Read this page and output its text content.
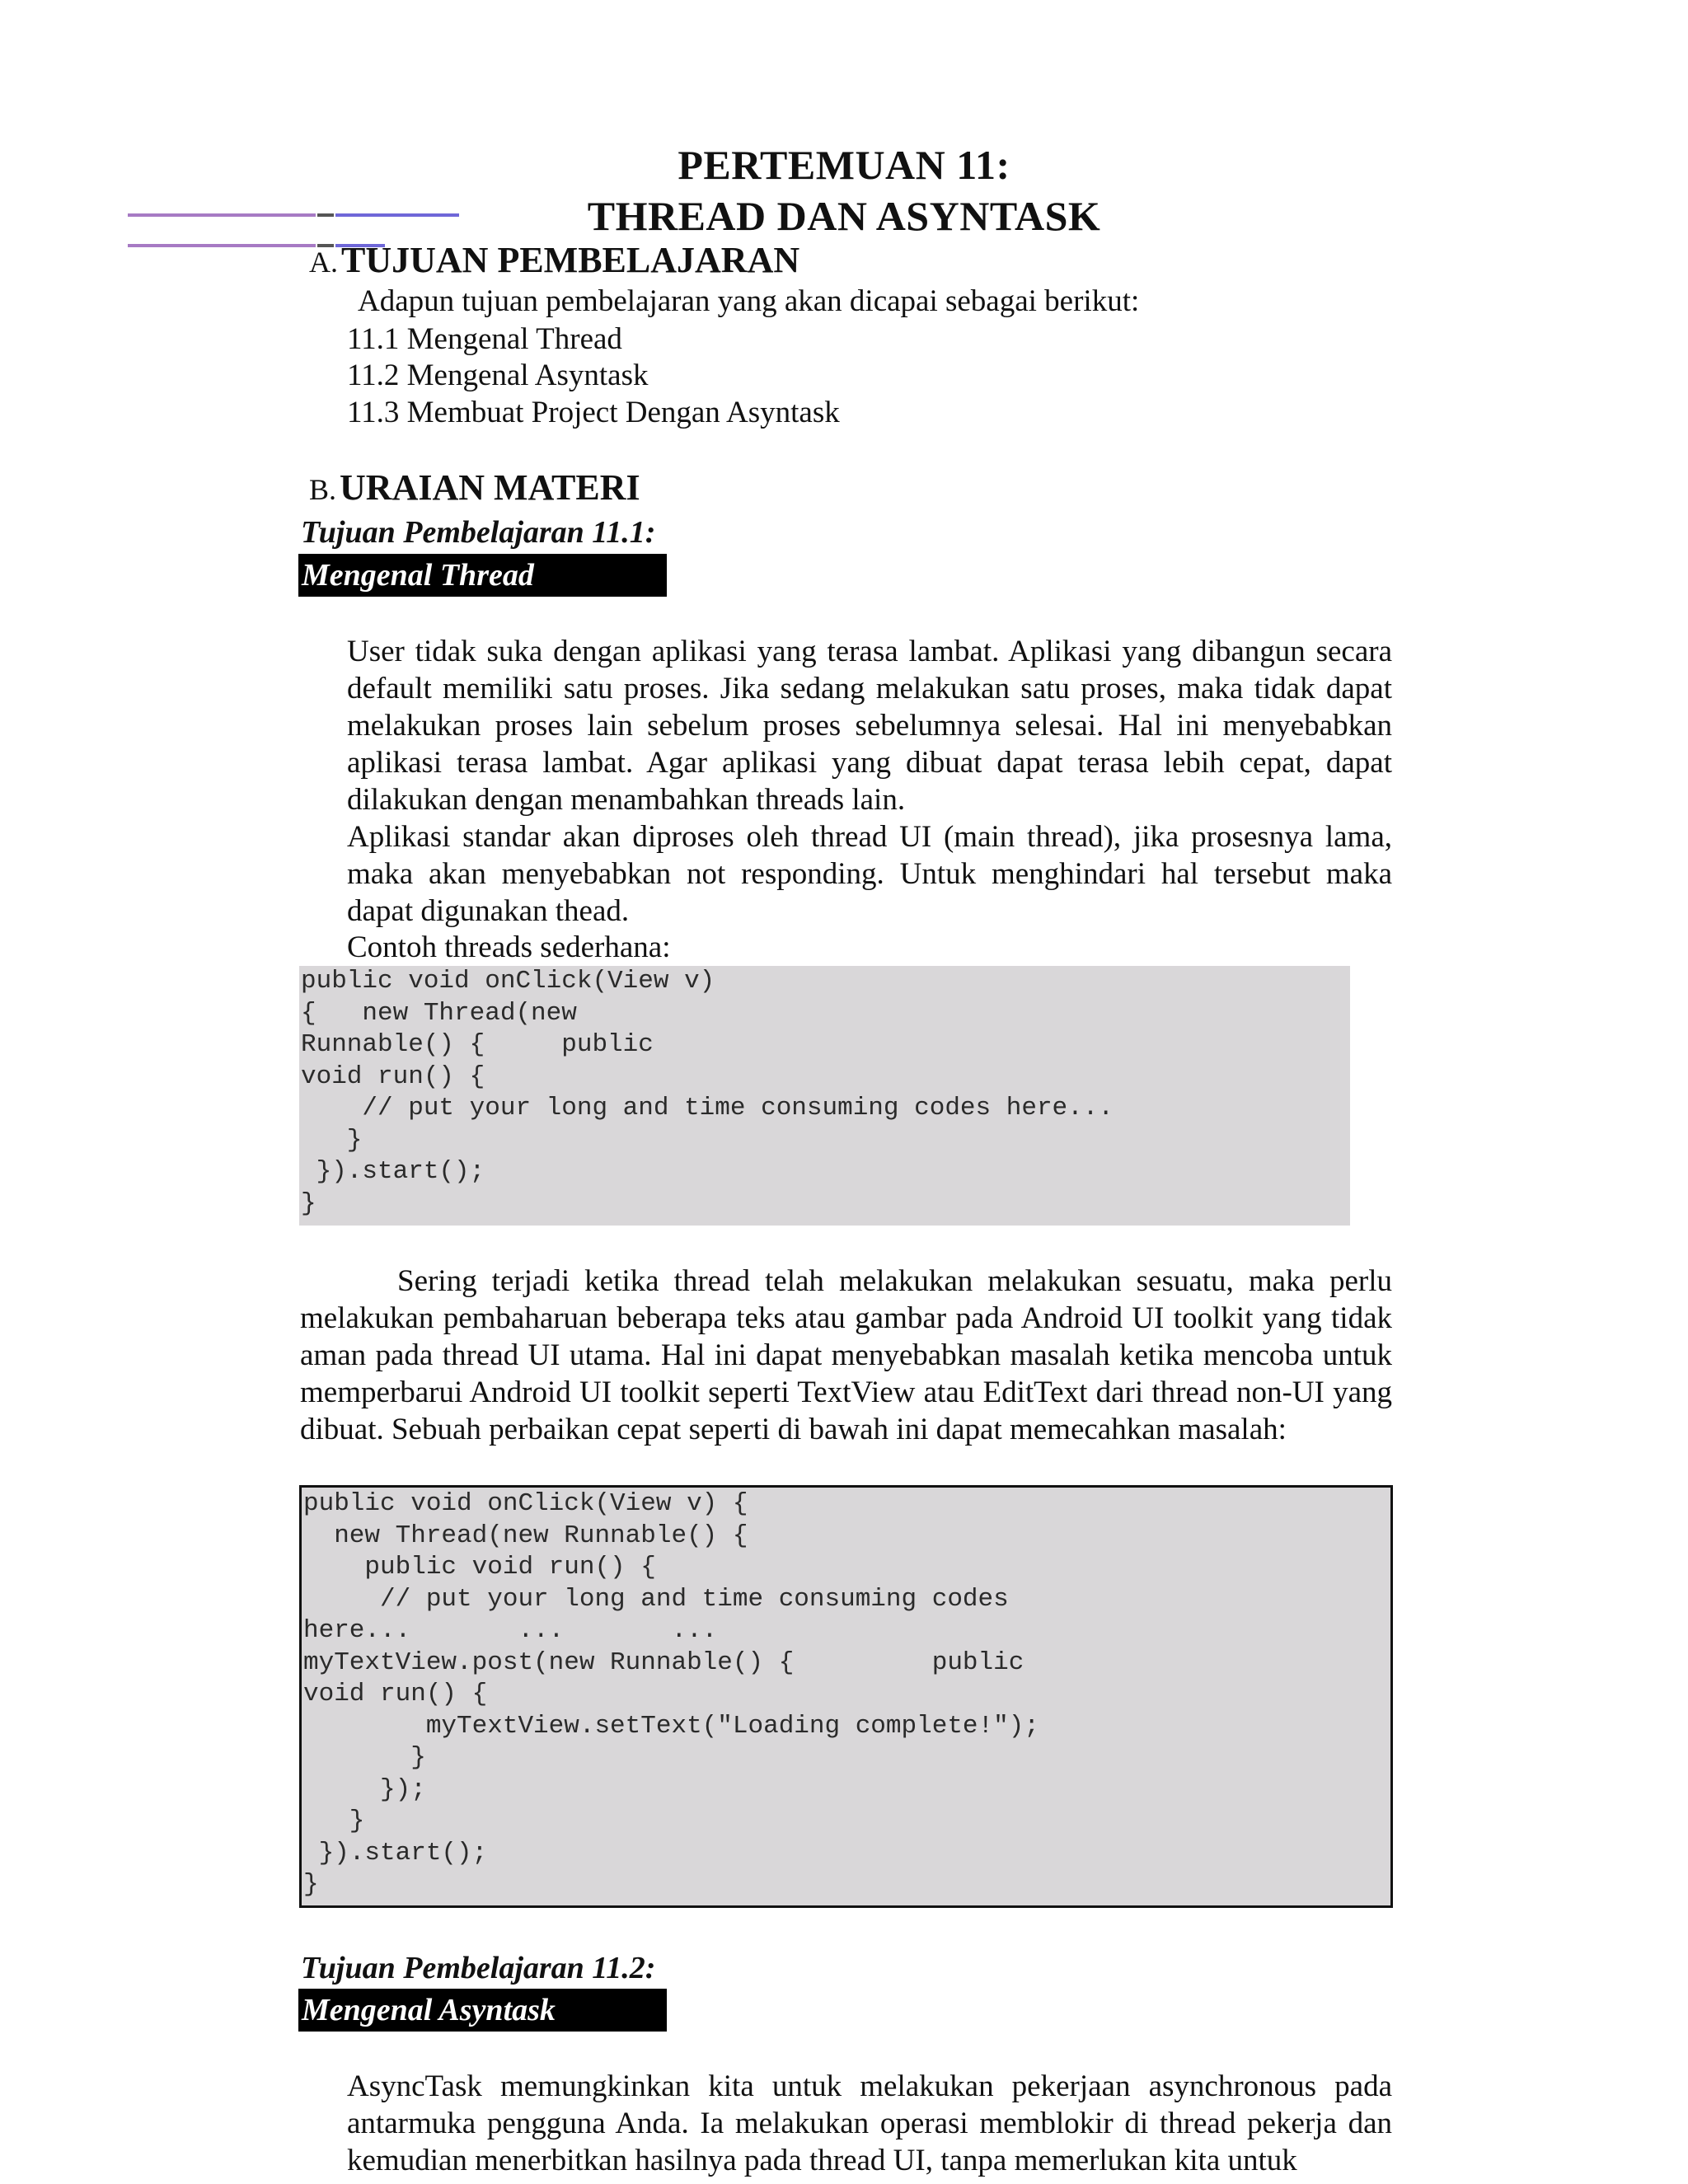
PERTEMUAN 11:
THREAD DAN ASYNTASK
A. TUJUAN PEMBELAJARAN
Adapun tujuan pembelajaran yang akan dicapai sebagai berikut:
11.1 Mengenal Thread
11.2 Mengenal Asyntask
11.3 Membuat Project Dengan Asyntask
B. URAIAN MATERI
Tujuan Pembelajaran 11.1:
Mengenal Thread

User tidak suka dengan aplikasi yang terasa lambat. Aplikasi yang dibangun secara default memiliki satu proses. Jika sedang melakukan satu proses, maka tidak dapat melakukan proses lain sebelum proses sebelumnya selesai. Hal ini menyebabkan aplikasi terasa lambat. Agar aplikasi yang dibuat dapat terasa lebih cepat, dapat dilakukan dengan menambahkan threads lain.

Aplikasi standar akan diproses oleh thread UI (main thread), jika prosesnya lama, maka akan menyebabkan not responding. Untuk menghindari hal tersebut maka dapat digunakan thead.

Contoh threads sederhana:
public void onClick(View v)
{   new Thread(new
Runnable() {     public
void run() {
// put your long and time consuming codes here...
}
}).start();
}

Sering terjadi ketika thread telah melakukan melakukan sesuatu, maka perlu melakukan pembaharuan beberapa teks atau gambar pada Android UI toolkit yang tidak aman pada thread UI utama. Hal ini dapat menyebabkan masalah ketika mencoba untuk memperbarui Android UI toolkit seperti TextView atau EditText dari thread non-UI yang dibuat. Sebuah perbaikan cepat seperti di bawah ini dapat memecahkan masalah:

public void onClick(View v) {
new Thread(new Runnable() {
public void run() {
// put your long and time consuming codes
here...       ...       ...
myTextView.post(new Runnable() {         public
void run() {
myTextView.setText("Loading complete!");
}
});
}
}).start();
}
Tujuan Pembelajaran 11.2:
Mengenal Asyntask

AsyncTask memungkinkan kita untuk melakukan pekerjaan asynchronous pada antarmuka pengguna Anda. Ia melakukan operasi memblokir di thread pekerja dan kemudian menerbitkan hasilnya pada thread UI, tanpa memerlukan kita untuk
